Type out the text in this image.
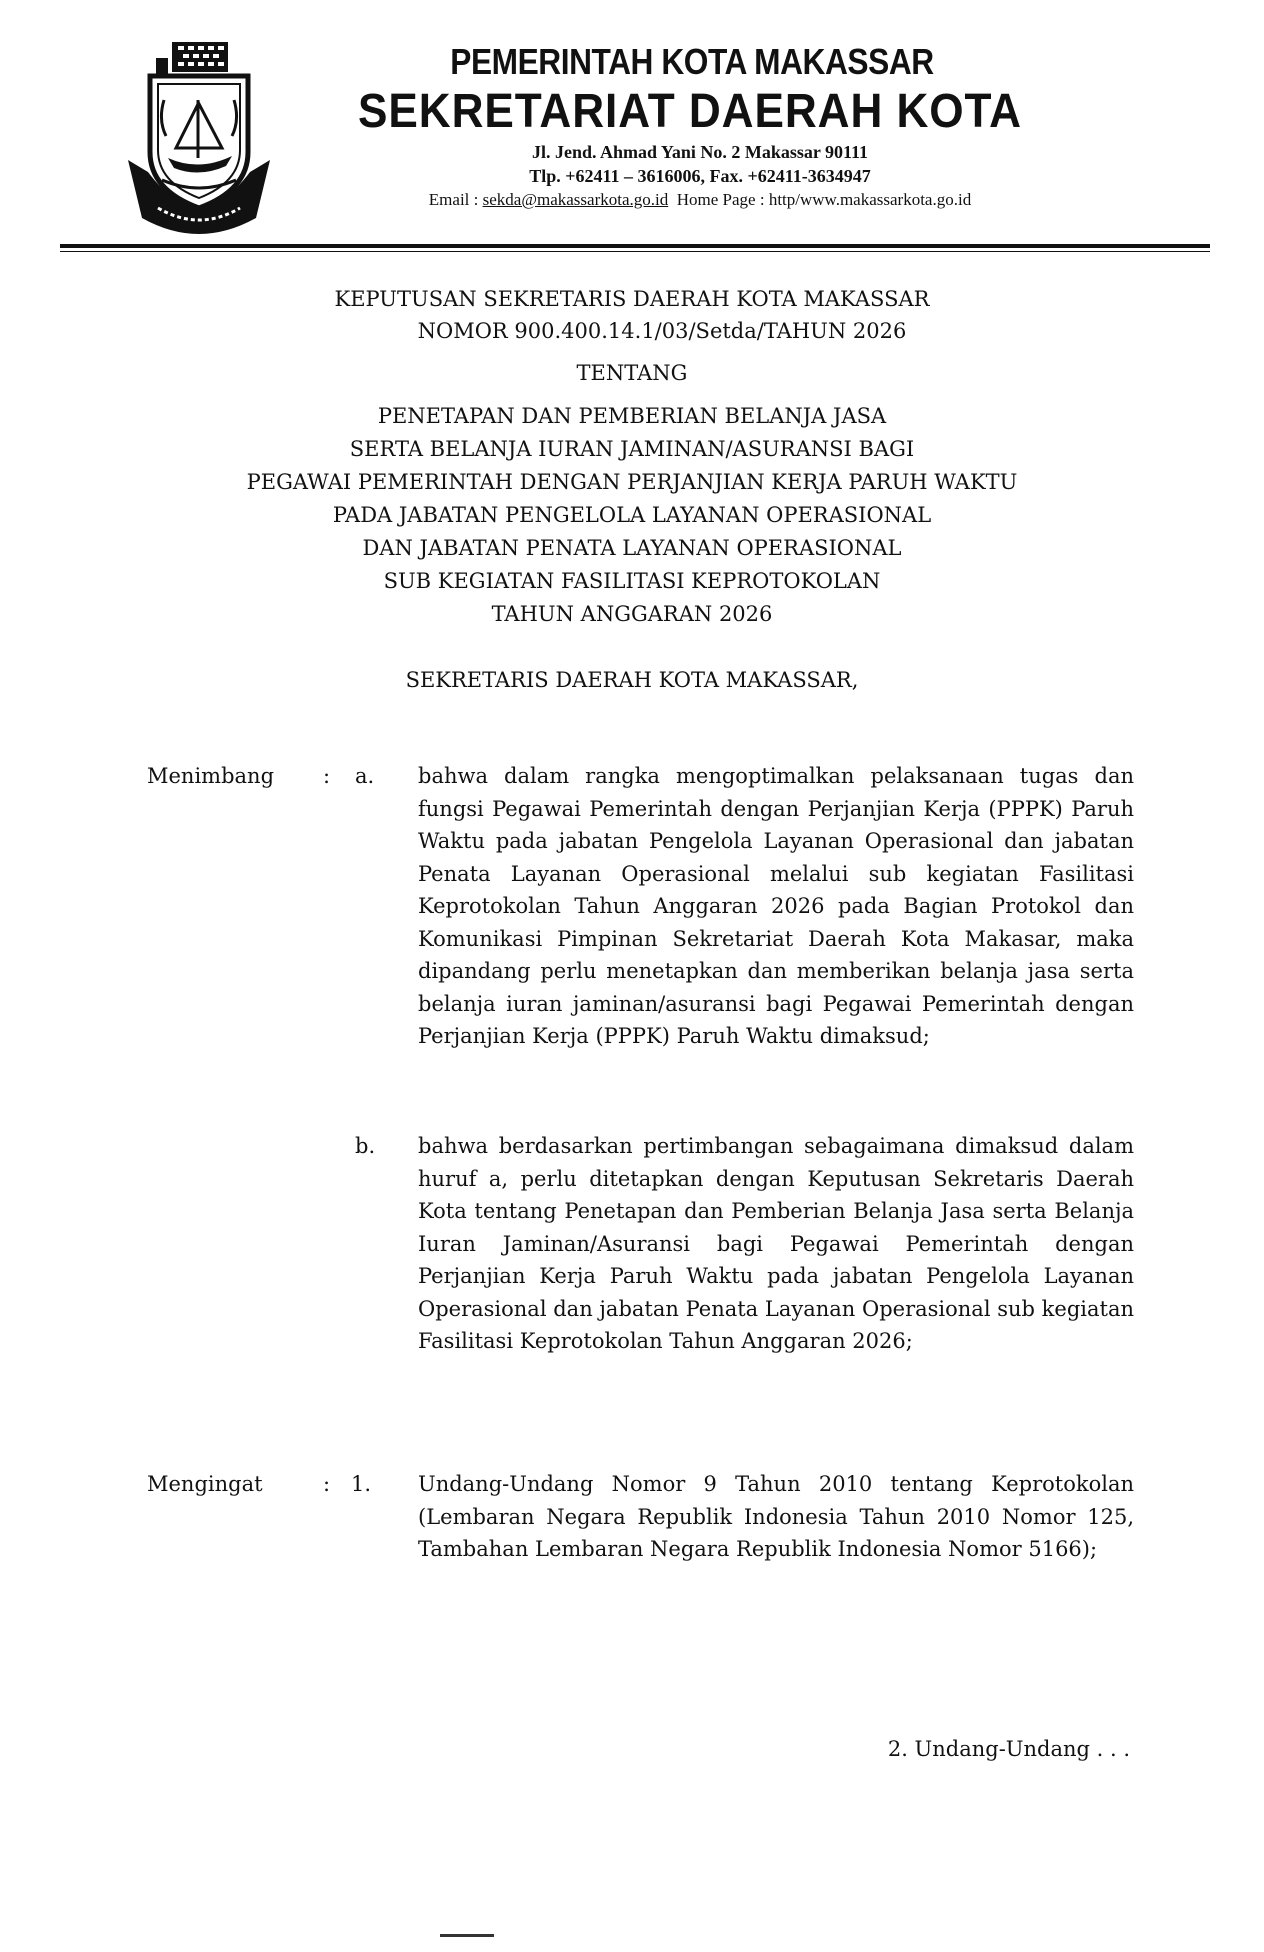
PEMERINTAH KOTA MAKASSAR
SEKRETARIAT DAERAH KOTA
Jl. Jend. Ahmad Yani No. 2 Makassar 90111
Tlp. +62411 – 3616006, Fax. +62411-3634947
Email : sekda@makassarkota.go.id Home Page : http/www.makassarkota.go.id
KEPUTUSAN SEKRETARIS DAERAH KOTA MAKASSAR
NOMOR 900.400.14.1/03/Setda/TAHUN 2026
TENTANG
PENETAPAN DAN PEMBERIAN BELANJA JASA
SERTA BELANJA IURAN JAMINAN/ASURANSI BAGI
PEGAWAI PEMERINTAH DENGAN PERJANJIAN KERJA PARUH WAKTU
PADA JABATAN PENGELOLA LAYANAN OPERASIONAL
DAN JABATAN PENATA LAYANAN OPERASIONAL
SUB KEGIATAN FASILITASI KEPROTOKOLAN
TAHUN ANGGARAN 2026
SEKRETARIS DAERAH KOTA MAKASSAR,
Menimbang : a. bahwa dalam rangka mengoptimalkan pelaksanaan tugas dan fungsi Pegawai Pemerintah dengan Perjanjian Kerja (PPPK) Paruh Waktu pada jabatan Pengelola Layanan Operasional dan jabatan Penata Layanan Operasional melalui sub kegiatan Fasilitasi Keprotokolan Tahun Anggaran 2026 pada Bagian Protokol dan Komunikasi Pimpinan Sekretariat Daerah Kota Makasar, maka dipandang perlu menetapkan dan memberikan belanja jasa serta belanja iuran jaminan/asuransi bagi Pegawai Pemerintah dengan Perjanjian Kerja (PPPK) Paruh Waktu dimaksud;

b. bahwa berdasarkan pertimbangan sebagaimana dimaksud dalam huruf a, perlu ditetapkan dengan Keputusan Sekretaris Daerah Kota tentang Penetapan dan Pemberian Belanja Jasa serta Belanja Iuran Jaminan/Asuransi bagi Pegawai Pemerintah dengan Perjanjian Kerja Paruh Waktu pada jabatan Pengelola Layanan Operasional dan jabatan Penata Layanan Operasional sub kegiatan Fasilitasi Keprotokolan Tahun Anggaran 2026;

Mengingat	: 1. Undang-Undang Nomor 9 Tahun 2010 tentang Keprotokolan (Lembaran Negara Republik Indonesia Tahun 2010 Nomor 125, Tambahan Lembaran Negara Republik Indonesia Nomor 5166);

2. Undang-Undang . . .
